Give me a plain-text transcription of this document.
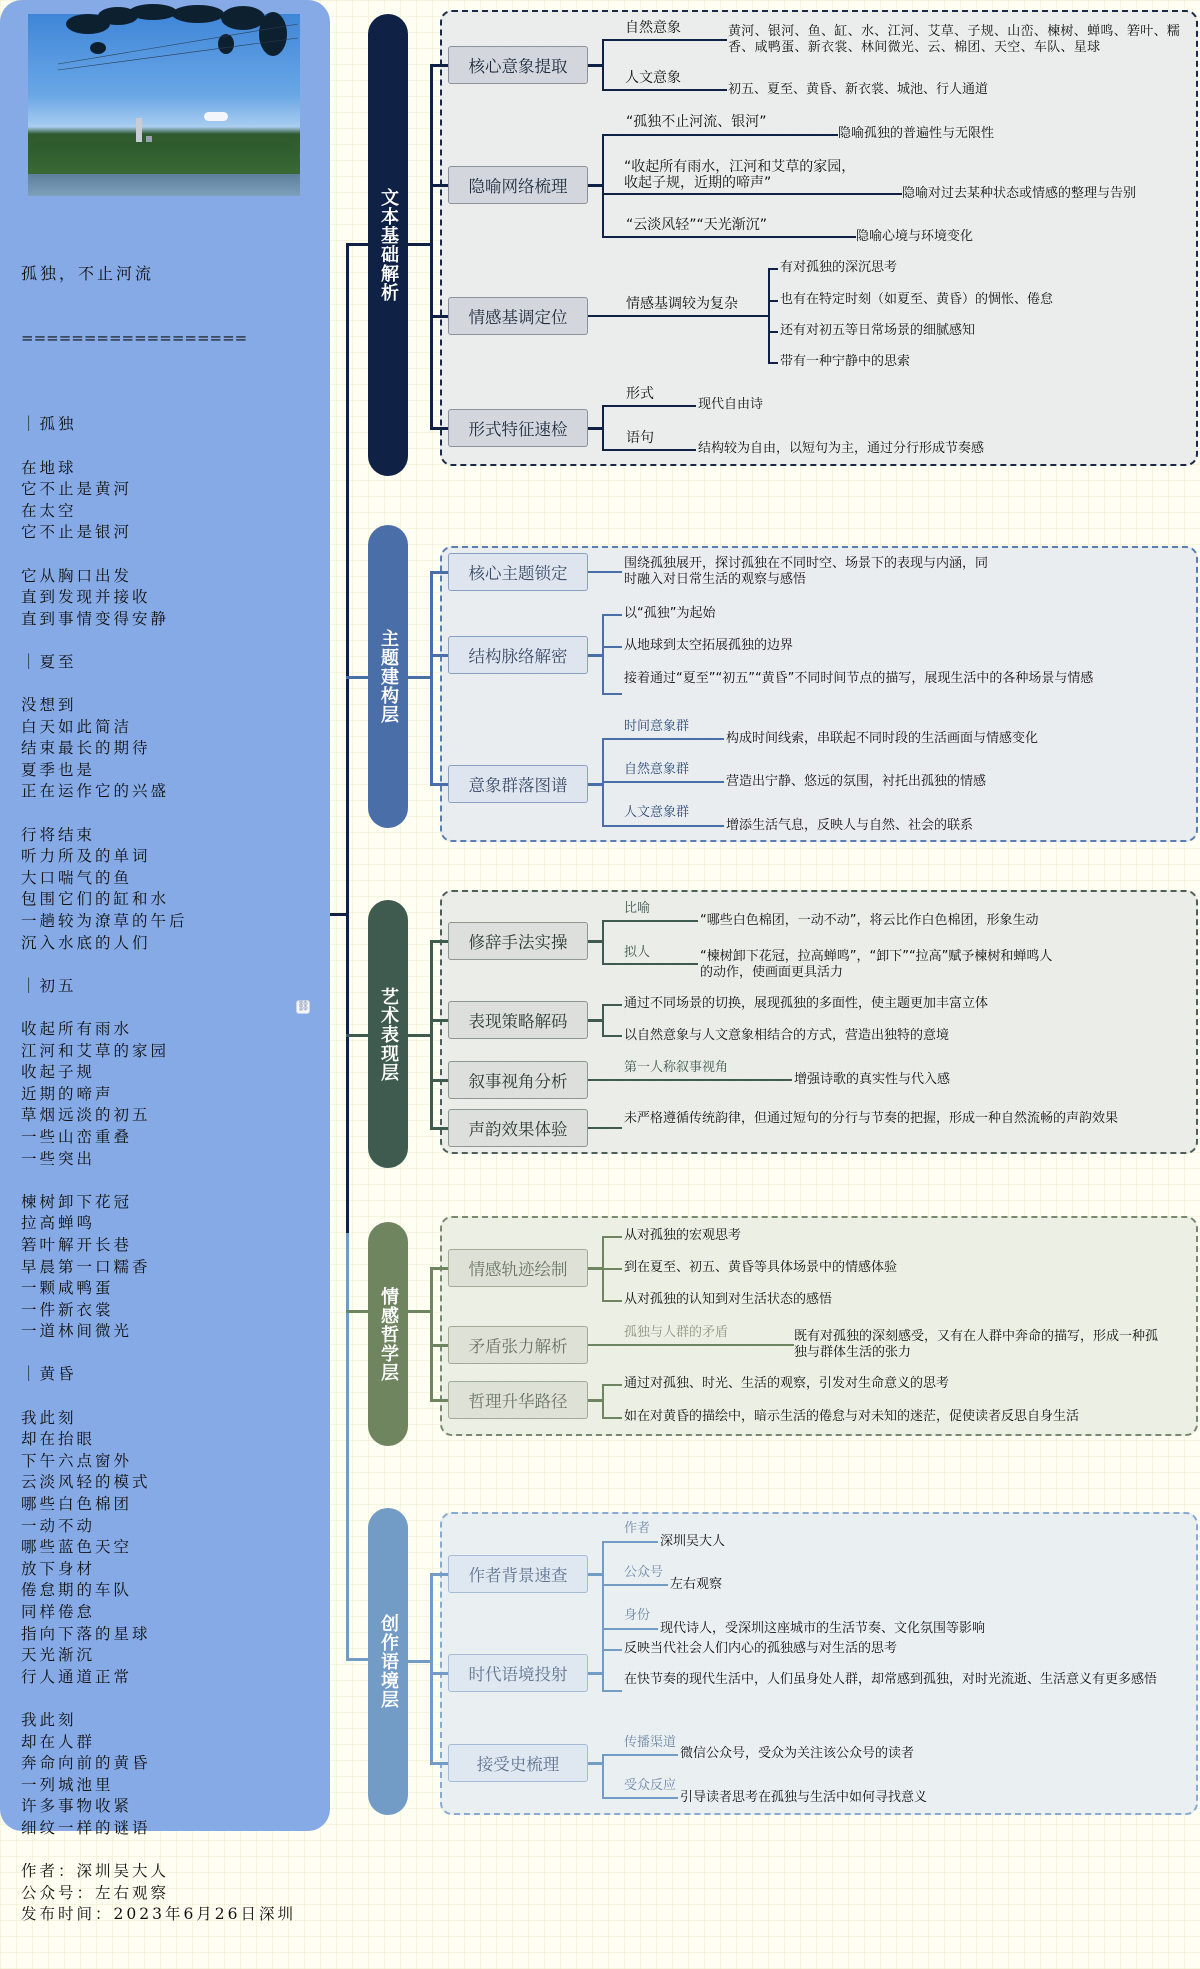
孤独，不止河流

==================

｜孤独
在地球
它不止是黄河
在太空
它不止是银河
它从胸口出发
直到发现并接收
直到事情变得安静
｜夏至
没想到
白天如此简洁
结束最长的期待
夏季也是
正在运作它的兴盛
行将结束
听力所及的单词
大口喘气的鱼
包围它们的缸和水
一趟较为潦草的午后
沉入水底的人们
｜初五
收起所有雨水
江河和艾草的家园
收起子规
近期的啼声
草烟远淡的初五
一些山峦重叠
一些突出
楝树卸下花冠
拉高蝉鸣
箬叶解开长巷
早晨第一口糯香
一颗咸鸭蛋
一件新衣裳
一道林间微光
｜黄昏
我此刻
却在抬眼
下午六点窗外
云淡风轻的模式
哪些白色棉团
一动不动
哪些蓝色天空
放下身材
倦怠期的车队
同样倦怠
指向下落的星球
天光渐沉
行人通道正常
我此刻
却在人群
奔命向前的黄昏
一列城池里
许多事物收紧
细纹一样的谜语
作者：深圳吴大人
公众号：左右观察
发布时间：2023年6月26日深圳

⛓
文本基础解析
核心意象提取
自然意象	黄河、银河、鱼、缸、水、江河、艾草、子规、山峦、楝树、蝉鸣、箬叶、糯香、咸鸭蛋、新衣裳、林间微光、云、棉团、天空、车队、星球
人文意象
初五、夏至、黄昏、新衣裳、城池、行人通道
隐喻网络梳理
“孤独不止河流、银河”
隐喻孤独的普遍性与无限性
“收起所有雨水，江河和艾草的家园，收起子规，近期的啼声”
隐喻对过去某种状态或情感的整理与告别
“云淡风轻”“天光渐沉”
隐喻心境与环境变化
情感基调定位
情感基调较为复杂
有对孤独的深沉思考
也有在特定时刻（如夏至、黄昏）的惆怅、倦怠
还有对初五等日常场景的细腻感知
带有一种宁静中的思索
形式特征速检
形式
现代自由诗
语句
结构较为自由，以短句为主，通过分行形成节奏感
主题建构层
核心主题锁定
围绕孤独展开，探讨孤独在不同时空、场景下的表现与内涵，同时融入对日常生活的观察与感悟
结构脉络解密
以“孤独”为起始
从地球到太空拓展孤独的边界
接着通过“夏至”“初五”“黄昏”不同时间节点的描写，展现生活中的各种场景与情感
意象群落图谱
时间意象群
构成时间线索，串联起不同时段的生活画面与情感变化
自然意象群
营造出宁静、悠远的氛围，衬托出孤独的情感
人文意象群
增添生活气息，反映人与自然、社会的联系
艺术表现层
修辞手法实操
比喻
“哪些白色棉团，一动不动”，将云比作白色棉团，形象生动
拟人	“楝树卸下花冠，拉高蝉鸣”，“卸下”“拉高”赋予楝树和蝉鸣人的动作，使画面更具活力
表现策略解码
通过不同场景的切换，展现孤独的多面性，使主题更加丰富立体
以自然意象与人文意象相结合的方式，营造出独特的意境
叙事视角分析
第一人称叙事视角
增强诗歌的真实性与代入感
声韵效果体验
未严格遵循传统韵律，但通过短句的分行与节奏的把握，形成一种自然流畅的声韵效果
情感哲学层
情感轨迹绘制
从对孤独的宏观思考
到在夏至、初五、黄昏等具体场景中的情感体验
从对孤独的认知到对生活状态的感悟
矛盾张力解析
孤独与人群的矛盾	既有对孤独的深刻感受，又有在人群中奔命的描写，形成一种孤独与群体生活的张力
哲理升华路径
通过对孤独、时光、生活的观察，引发对生命意义的思考
如在对黄昏的描绘中，暗示生活的倦怠与对未知的迷茫，促使读者反思自身生活
创作语境层
作者背景速查
作者
深圳吴大人
公众号
左右观察
身份
现代诗人，受深圳这座城市的生活节奏、文化氛围等影响
时代语境投射
反映当代社会人们内心的孤独感与对生活的思考
在快节奏的现代生活中，人们虽身处人群，却常感到孤独，对时光流逝、生活意义有更多感悟
接受史梳理
传播渠道
微信公众号，受众为关注该公众号的读者
受众反应
引导读者思考在孤独与生活中如何寻找意义
